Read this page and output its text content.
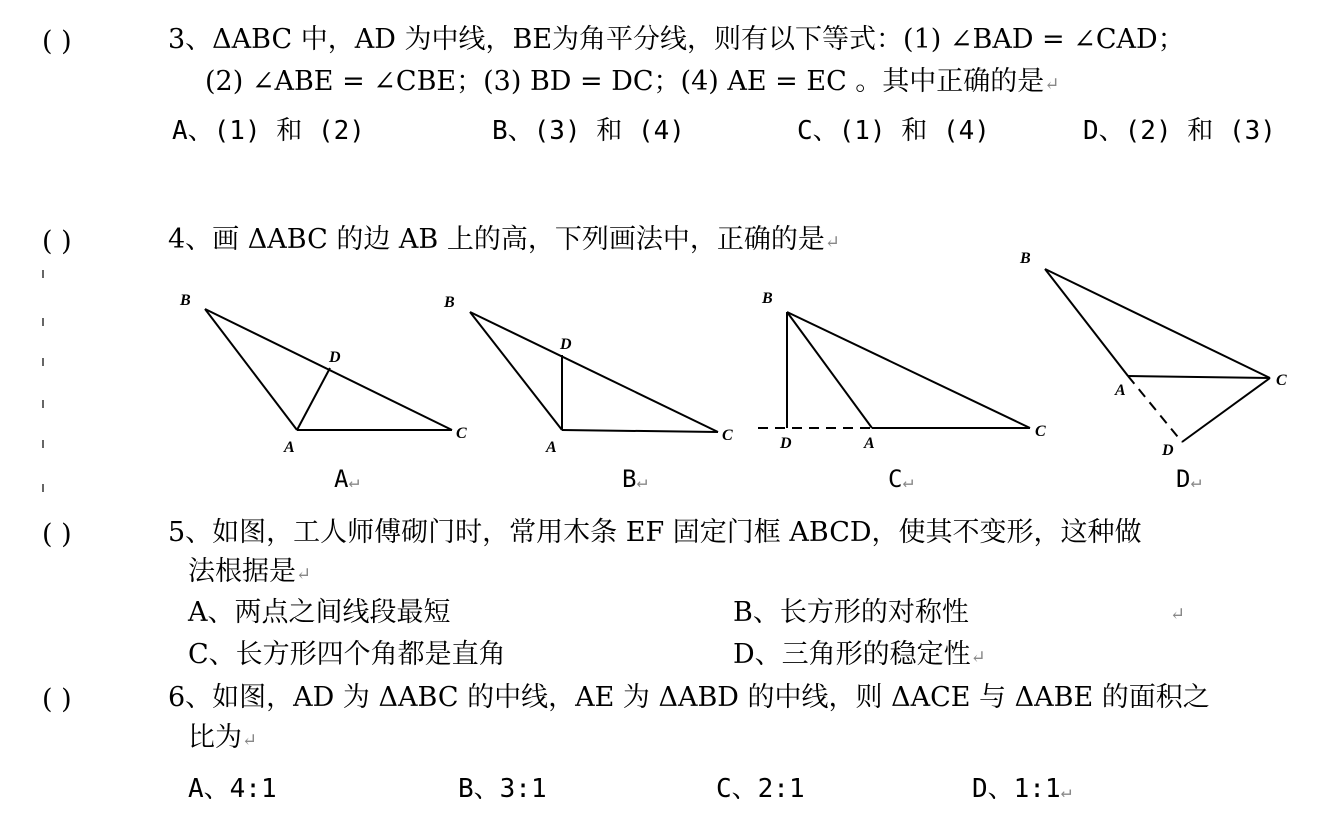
( )	3、ΔABC 中，AD 为中线，BE为角平分线，则有以下等式：(1) ∠BAD = ∠CAD；
(2) ∠ABE = ∠CBE；(3) BD = DC；(4) AE = EC 。其中正确的是↵
A、(1) 和 (2)	B、(3) 和 (4)	C、(1) 和 (4)	D、(2) 和 (3)
( )	4、画 ΔABC 的边 AB 上的高，下列画法中，正确的是↵
B
A
C
D
B
A
C
D
B
D	A
C
B
A
C
D
A↵	B↵	C↵	D↵
( )	5、如图，工人师傅砌门时，常用木条 EF 固定门框 ABCD，使其不变形，这种做
法根据是↵
A、两点之间线段最短	B、长方形的对称性	↵
C、长方形四个角都是直角	D、三角形的稳定性↵
( )	6、如图，AD 为 ΔABC 的中线，AE 为 ΔABD 的中线，则 ΔACE 与 ΔABE 的面积之
比为↵
A、4:1	B、3:1	C、2:1	D、1:1↵
